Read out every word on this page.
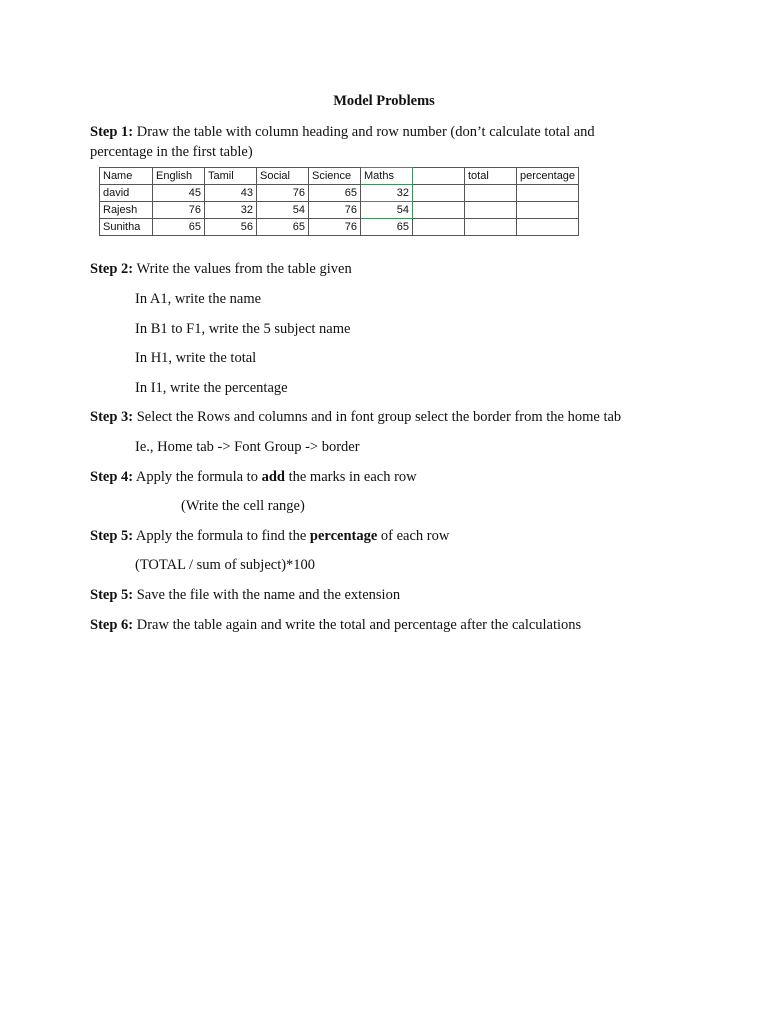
Model Problems
Step 1: Draw the table with column heading and row number (don’t calculate total and percentage in the first table)
Name	English	Tamil	Social	Science	Maths		total	percentage
david	45	43	76	65	32			
Rajesh	76	32	54	76	54			
Sunitha	65	56	65	76	65			
Step 2: Write the values from the table given
In A1, write the name
In B1 to F1, write the 5 subject name
In H1, write the total
In I1, write the percentage
Step 3: Select the Rows and columns and in font group select the border from the home tab
Ie., Home tab -> Font Group -> border
Step 4: Apply the formula to add the marks in each row
(Write the cell range)
Step 5: Apply the formula to find the percentage of each row
(TOTAL / sum of subject)*100
Step 5: Save the file with the name and the extension
Step 6: Draw the table again and write the total and percentage after the calculations
